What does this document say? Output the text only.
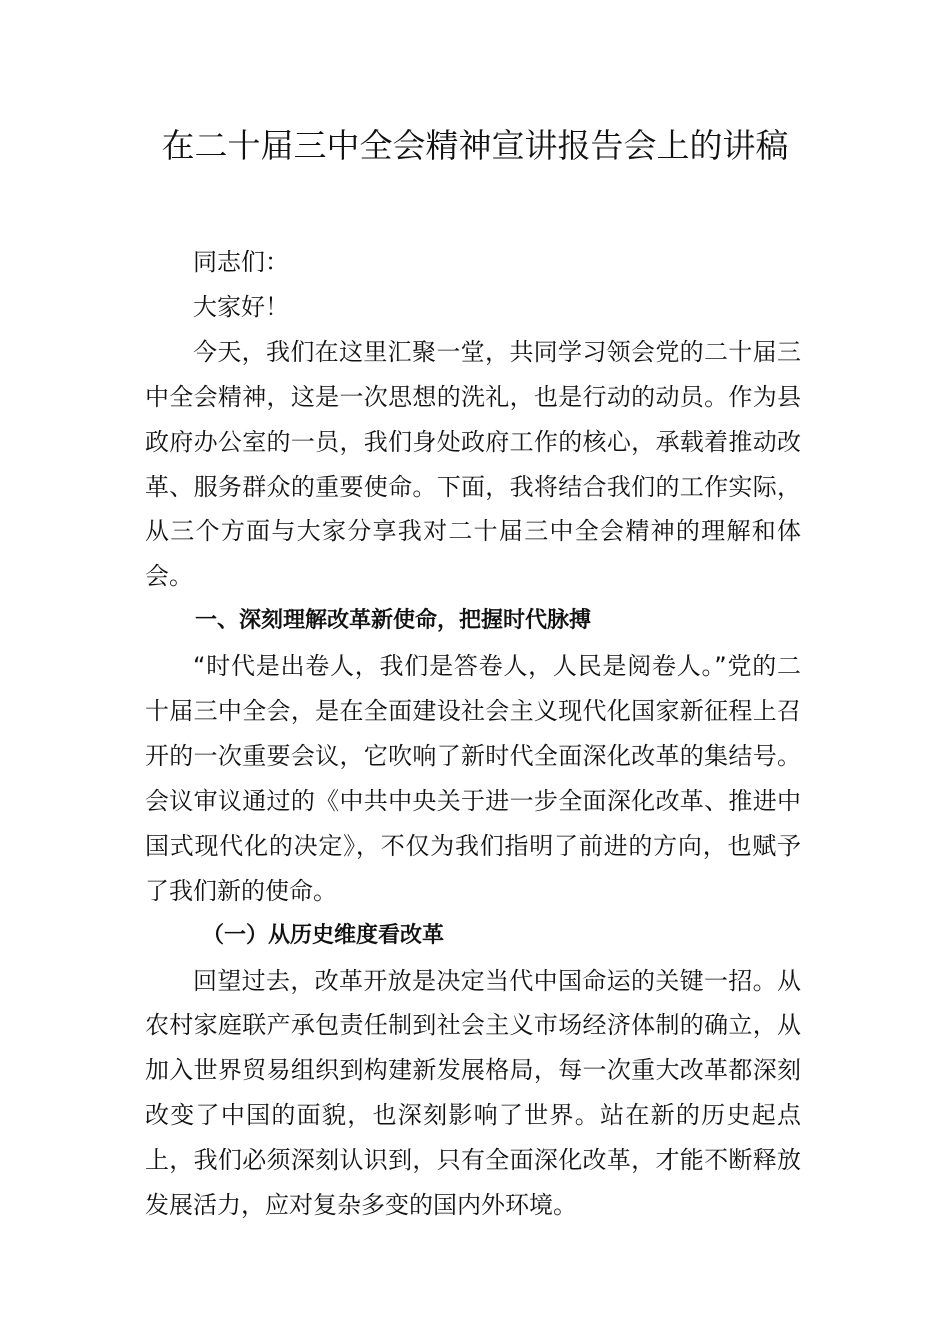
在二十届三中全会精神宣讲报告会上的讲稿

同志们：

大家好！

今天，我们在这里汇聚一堂，共同学习领会党的二十届三中全会精神，这是一次思想的洗礼，也是行动的动员。作为县政府办公室的一员，我们身处政府工作的核心，承载着推动改革、服务群众的重要使命。下面，我将结合我们的工作实际，从三个方面与大家分享我对二十届三中全会精神的理解和体会。

一、深刻理解改革新使命，把握时代脉搏

“时代是出卷人，我们是答卷人，人民是阅卷人。”党的二十届三中全会，是在全面建设社会主义现代化国家新征程上召开的一次重要会议，它吹响了新时代全面深化改革的集结号。会议审议通过的《中共中央关于进一步全面深化改革、推进中国式现代化的决定》，不仅为我们指明了前进的方向，也赋予了我们新的使命。

（一）从历史维度看改革

回望过去，改革开放是决定当代中国命运的关键一招。从农村家庭联产承包责任制到社会主义市场经济体制的确立，从加入世界贸易组织到构建新发展格局，每一次重大改革都深刻改变了中国的面貌，也深刻影响了世界。站在新的历史起点上，我们必须深刻认识到，只有全面深化改革，才能不断释放发展活力，应对复杂多变的国内外环境。
